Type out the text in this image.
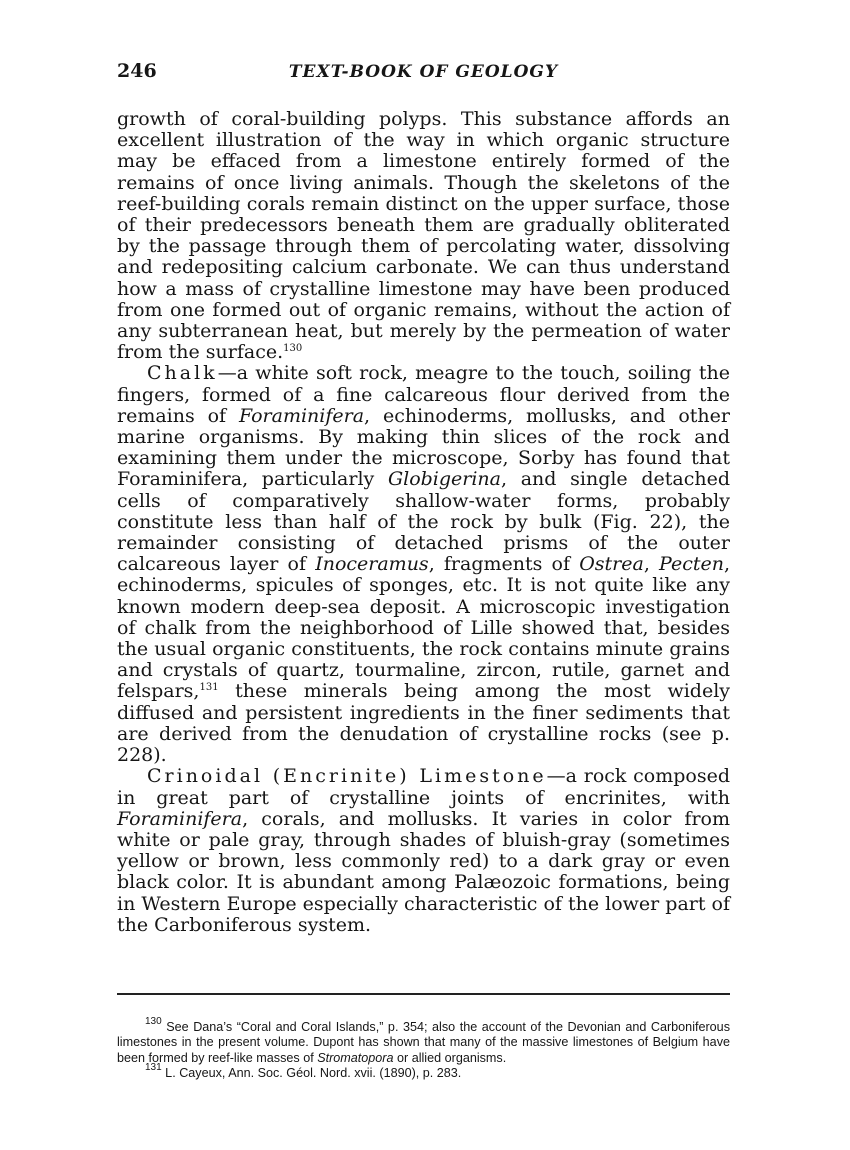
246	TEXT-BOOK OF GEOLOGY

growth of coral-building polyps. This substance affords an excellent illustration of the way in which organic structure may be effaced from a limestone entirely formed of the remains of once living animals. Though the skeletons of the reef-building corals remain distinct on the upper surface, those of their predecessors beneath them are gradually obliterated by the passage through them of percolating water, dissolving and redepositing calcium carbonate. We can thus understand how a mass of crystalline limestone may have been produced from one formed out of organic remains, without the action of any subterranean heat, but merely by the permeation of water from the surface.$^{130}$

Chalk—a white soft rock, meagre to the touch, soiling the fingers, formed of a fine calcareous flour derived from the remains of Foraminifera, echinoderms, mollusks, and other marine organisms. By making thin slices of the rock and examining them under the microscope, Sorby has found that Foraminifera, particularly Globigerina, and single detached cells of comparatively shallow-water forms, probably constitute less than half of the rock by bulk (Fig. 22), the remainder consisting of detached prisms of the outer calcareous layer of Inoceramus, fragments of Ostrea, Pecten, echinoderms, spicules of sponges, etc. It is not quite like any known modern deep-sea deposit. A microscopic investigation of chalk from the neighborhood of Lille showed that, besides the usual organic constituents, the rock contains minute grains and crystals of quartz, tourmaline, zircon, rutile, garnet and felspars,$^{131}$ these minerals being among the most widely diffused and persistent ingredients in the finer sediments that are derived from the denudation of crystalline rocks (see p. 228).

Crinoidal (Encrinite) Limestone—a rock composed in great part of crystalline joints of encrinites, with Foraminifera, corals, and mollusks. It varies in color from white or pale gray, through shades of bluish-gray (sometimes yellow or brown, less commonly red) to a dark gray or even black color. It is abundant among Palæozoic formations, being in Western Europe especially characteristic of the lower part of the Carboniferous system.

$^{130}$ See Dana’s “Coral and Coral Islands,” p. 354; also the account of the Devonian and Carboniferous limestones in the present volume. Dupont has shown that many of the massive limestones of Belgium have been formed by reef-like masses of Stromatopora or allied organisms.

$^{131}$ L. Cayeux, Ann. Soc. Géol. Nord. xvii. (1890), p. 283.
